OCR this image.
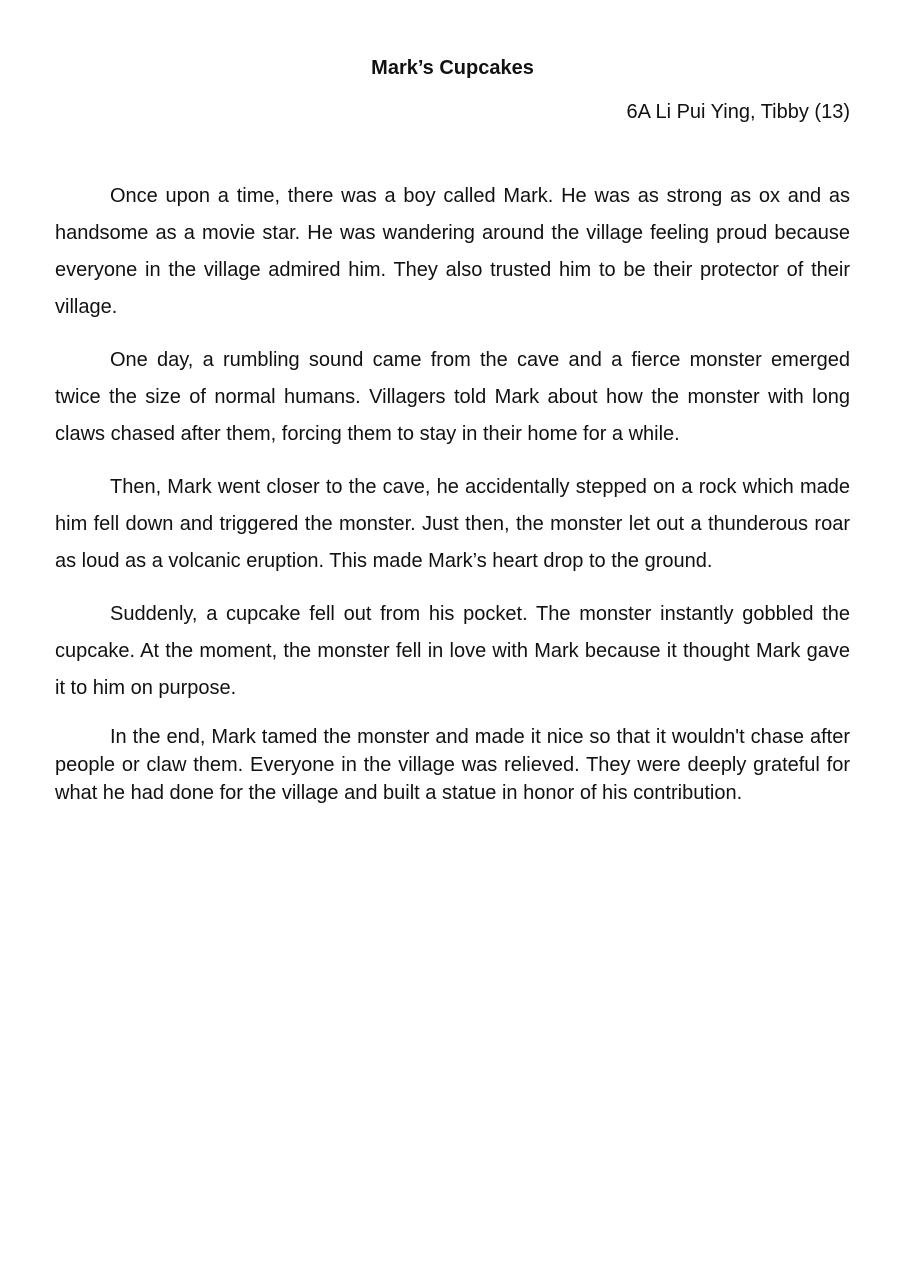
Mark’s Cupcakes

6A Li Pui Ying, Tibby (13)

Once upon a time, there was a boy called Mark. He was as strong as ox and as handsome as a movie star. He was wandering around the village feeling proud because everyone in the village admired him. They also trusted him to be their protector of their village.

One day, a rumbling sound came from the cave and a fierce monster emerged twice the size of normal humans. Villagers told Mark about how the monster with long claws chased after them, forcing them to stay in their home for a while.

Then, Mark went closer to the cave, he accidentally stepped on a rock which made him fell down and triggered the monster. Just then, the monster let out a thunderous roar as loud as a volcanic eruption. This made Mark’s heart drop to the ground.

Suddenly, a cupcake fell out from his pocket. The monster instantly gobbled the cupcake. At the moment, the monster fell in love with Mark because it thought Mark gave it to him on purpose.

In the end, Mark tamed the monster and made it nice so that it wouldn't chase after people or claw them. Everyone in the village was relieved. They were deeply grateful for what he had done for the village and built a statue in honor of his contribution.
